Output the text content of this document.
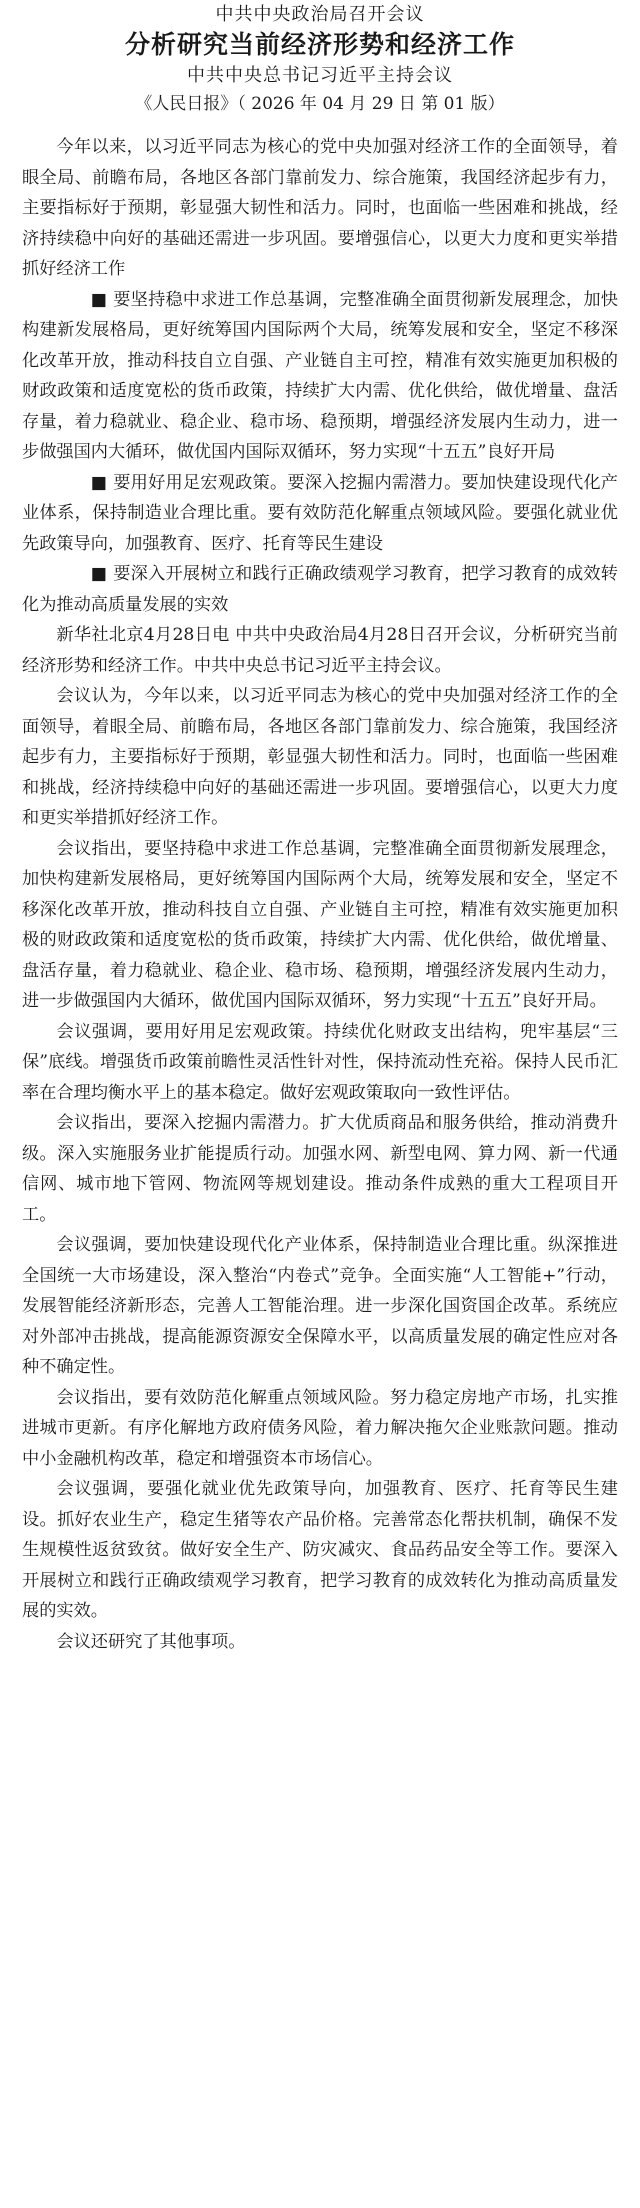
中共中央政治局召开会议
分析研究当前经济形势和经济工作
中共中央总书记习近平主持会议
《人民日报》（ 2026 年 04 月 29 日 第 01 版）

今年以来，以习近平同志为核心的党中央加强对经济工作的全面领导，着眼全局、前瞻布局，各地区各部门靠前发力、综合施策，我国经济起步有力，主要指标好于预期，彰显强大韧性和活力。同时，也面临一些困难和挑战，经济持续稳中向好的基础还需进一步巩固。要增强信心，以更大力度和更实举措抓好经济工作

■ 要坚持稳中求进工作总基调，完整准确全面贯彻新发展理念，加快构建新发展格局，更好统筹国内国际两个大局，统筹发展和安全，坚定不移深化改革开放，推动科技自立自强、产业链自主可控，精准有效实施更加积极的财政政策和适度宽松的货币政策，持续扩大内需、优化供给，做优增量、盘活存量，着力稳就业、稳企业、稳市场、稳预期，增强经济发展内生动力，进一步做强国内大循环，做优国内国际双循环，努力实现“十五五”良好开局

■ 要用好用足宏观政策。要深入挖掘内需潜力。要加快建设现代化产业体系，保持制造业合理比重。要有效防范化解重点领域风险。要强化就业优先政策导向，加强教育、医疗、托育等民生建设

■ 要深入开展树立和践行正确政绩观学习教育，把学习教育的成效转化为推动高质量发展的实效

新华社北京4月28日电 中共中央政治局4月28日召开会议，分析研究当前经济形势和经济工作。中共中央总书记习近平主持会议。

会议认为，今年以来，以习近平同志为核心的党中央加强对经济工作的全面领导，着眼全局、前瞻布局，各地区各部门靠前发力、综合施策，我国经济起步有力，主要指标好于预期，彰显强大韧性和活力。同时，也面临一些困难和挑战，经济持续稳中向好的基础还需进一步巩固。要增强信心，以更大力度和更实举措抓好经济工作。

会议指出，要坚持稳中求进工作总基调，完整准确全面贯彻新发展理念，加快构建新发展格局，更好统筹国内国际两个大局，统筹发展和安全，坚定不移深化改革开放，推动科技自立自强、产业链自主可控，精准有效实施更加积极的财政政策和适度宽松的货币政策，持续扩大内需、优化供给，做优增量、盘活存量，着力稳就业、稳企业、稳市场、稳预期，增强经济发展内生动力，进一步做强国内大循环，做优国内国际双循环，努力实现“十五五”良好开局。

会议强调，要用好用足宏观政策。持续优化财政支出结构，兜牢基层“三保”底线。增强货币政策前瞻性灵活性针对性，保持流动性充裕。保持人民币汇率在合理均衡水平上的基本稳定。做好宏观政策取向一致性评估。

会议指出，要深入挖掘内需潜力。扩大优质商品和服务供给，推动消费升级。深入实施服务业扩能提质行动。加强水网、新型电网、算力网、新一代通信网、城市地下管网、物流网等规划建设。推动条件成熟的重大工程项目开工。

会议强调，要加快建设现代化产业体系，保持制造业合理比重。纵深推进全国统一大市场建设，深入整治“内卷式”竞争。全面实施“人工智能+”行动，发展智能经济新形态，完善人工智能治理。进一步深化国资国企改革。系统应对外部冲击挑战，提高能源资源安全保障水平，以高质量发展的确定性应对各种不确定性。

会议指出，要有效防范化解重点领域风险。努力稳定房地产市场，扎实推进城市更新。有序化解地方政府债务风险，着力解决拖欠企业账款问题。推动中小金融机构改革，稳定和增强资本市场信心。

会议强调，要强化就业优先政策导向，加强教育、医疗、托育等民生建设。抓好农业生产，稳定生猪等农产品价格。完善常态化帮扶机制，确保不发生规模性返贫致贫。做好安全生产、防灾减灾、食品药品安全等工作。要深入开展树立和践行正确政绩观学习教育，把学习教育的成效转化为推动高质量发展的实效。

会议还研究了其他事项。
